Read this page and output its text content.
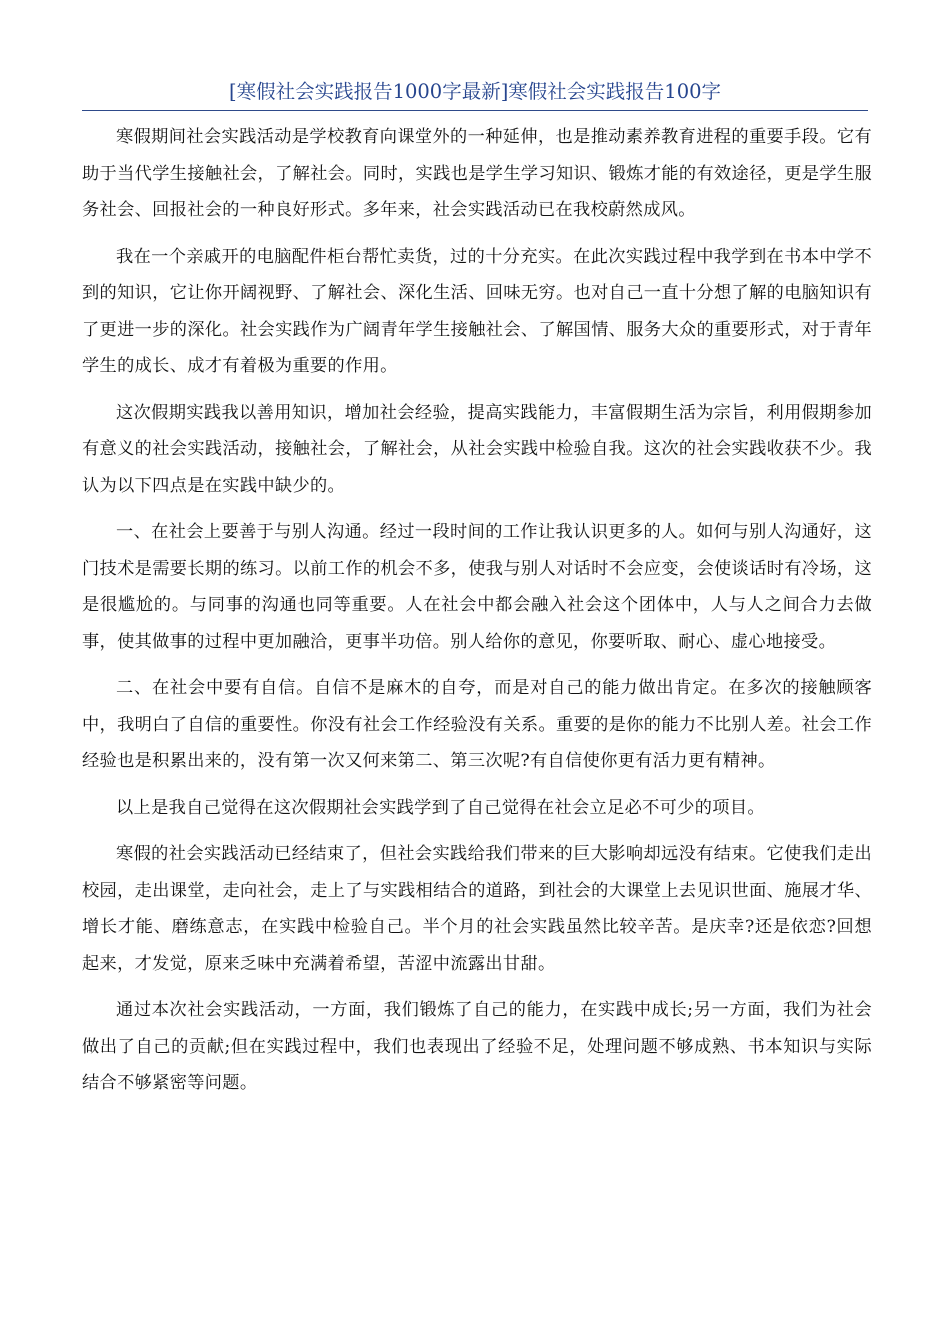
[寒假社会实践报告1000字最新]寒假社会实践报告100字

寒假期间社会实践活动是学校教育向课堂外的一种延伸，也是推动素养教育进程的重要手段。它有助于当代学生接触社会，了解社会。同时，实践也是学生学习知识、锻炼才能的有效途径，更是学生服务社会、回报社会的一种良好形式。多年来，社会实践活动已在我校蔚然成风。

我在一个亲戚开的电脑配件柜台帮忙卖货，过的十分充实。在此次实践过程中我学到在书本中学不到的知识，它让你开阔视野、了解社会、深化生活、回味无穷。也对自己一直十分想了解的电脑知识有了更进一步的深化。社会实践作为广阔青年学生接触社会、了解国情、服务大众的重要形式，对于青年学生的成长、成才有着极为重要的作用。

这次假期实践我以善用知识，增加社会经验，提高实践能力，丰富假期生活为宗旨，利用假期参加有意义的社会实践活动，接触社会，了解社会，从社会实践中检验自我。这次的社会实践收获不少。我认为以下四点是在实践中缺少的。

一、在社会上要善于与别人沟通。经过一段时间的工作让我认识更多的人。如何与别人沟通好，这门技术是需要长期的练习。以前工作的机会不多，使我与别人对话时不会应变，会使谈话时有冷场，这是很尴尬的。与同事的沟通也同等重要。人在社会中都会融入社会这个团体中，人与人之间合力去做事，使其做事的过程中更加融洽，更事半功倍。别人给你的意见，你要听取、耐心、虚心地接受。

二、在社会中要有自信。自信不是麻木的自夸，而是对自己的能力做出肯定。在多次的接触顾客中，我明白了自信的重要性。你没有社会工作经验没有关系。重要的是你的能力不比别人差。社会工作经验也是积累出来的，没有第一次又何来第二、第三次呢?有自信使你更有活力更有精神。

以上是我自己觉得在这次假期社会实践学到了自己觉得在社会立足必不可少的项目。

寒假的社会实践活动已经结束了，但社会实践给我们带来的巨大影响却远没有结束。它使我们走出校园，走出课堂，走向社会，走上了与实践相结合的道路，到社会的大课堂上去见识世面、施展才华、增长才能、磨练意志，在实践中检验自己。半个月的社会实践虽然比较辛苦。是庆幸?还是依恋?回想起来，才发觉，原来乏味中充满着希望，苦涩中流露出甘甜。

通过本次社会实践活动，一方面，我们锻炼了自己的能力，在实践中成长;另一方面，我们为社会做出了自己的贡献;但在实践过程中，我们也表现出了经验不足，处理问题不够成熟、书本知识与实际结合不够紧密等问题。
